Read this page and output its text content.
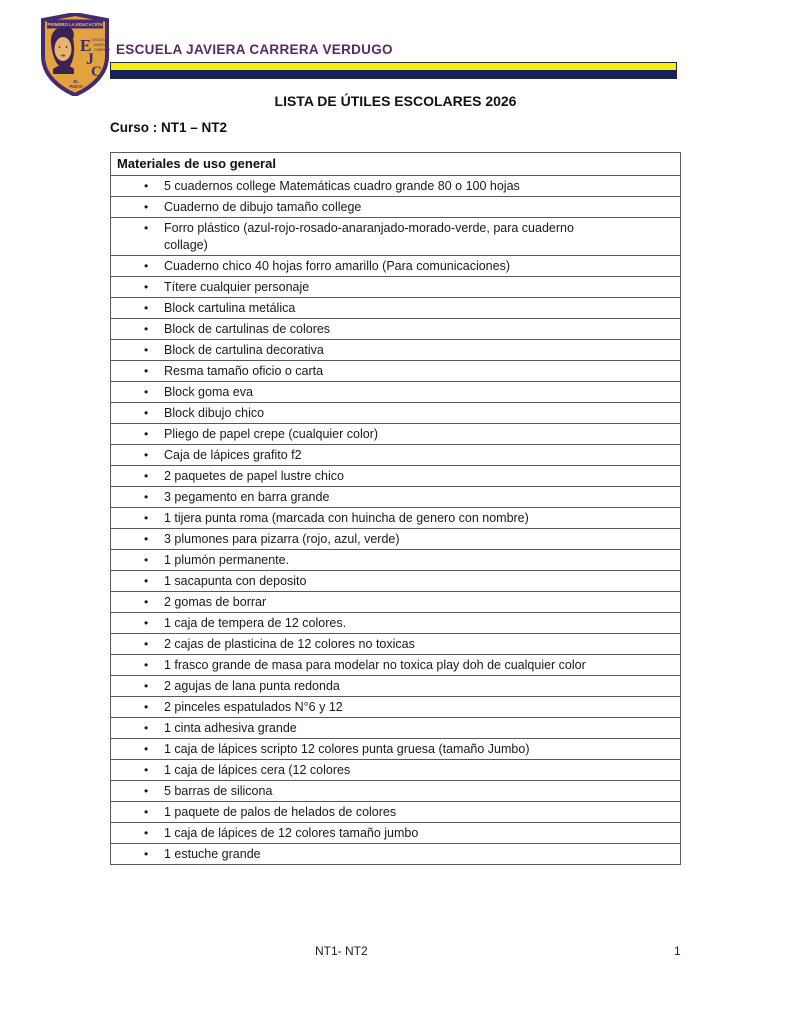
PRIMERO LA EDUCACIÓN
E
J
C
ESCUELA
JAVIERA
CARRERA
EL
PAICO
ESCUELA JAVIERA CARRERA VERDUGO
LISTA DE ÚTILES ESCOLARES 2026
Curso : NT1 – NT2
Materiales de uso general
•	5 cuadernos college Matemáticas cuadro grande 80 o 100 hojas
•	Cuaderno de dibujo tamaño college
•	Forro plástico (azul-rojo-rosado-anaranjado-morado-verde, para cuaderno collage)
•	Cuaderno chico 40 hojas forro amarillo (Para comunicaciones)
•	Títere cualquier personaje
•	Block cartulina metálica
•	Block de cartulinas de colores
•	Block de cartulina decorativa
•	Resma tamaño oficio o carta
•	Block goma eva
•	Block dibujo chico
•	Pliego de papel crepe (cualquier color)
•	Caja de lápices grafito f2
•	2 paquetes de papel lustre chico
•	3 pegamento en barra grande
•	1 tijera punta roma (marcada con huincha de genero con nombre)
•	3 plumones para pizarra (rojo, azul, verde)
•	1 plumón permanente.
•	1 sacapunta con deposito
•	2 gomas de borrar
•	1 caja de tempera de 12 colores.
•	2 cajas de plasticina de 12 colores no toxicas
•	1 frasco grande de masa para modelar no toxica play doh de cualquier color
•	2 agujas de lana punta redonda
•	2 pinceles espatulados N°6 y 12
•	1 cinta adhesiva grande
•	1 caja de lápices scripto 12 colores punta gruesa (tamaño Jumbo)
•	1 caja de lápices cera (12 colores
•	5 barras de silicona
•	1 paquete de palos de helados de colores
•	1 caja de lápices de 12 colores tamaño jumbo
•	1 estuche grande
NT1- NT2	1
